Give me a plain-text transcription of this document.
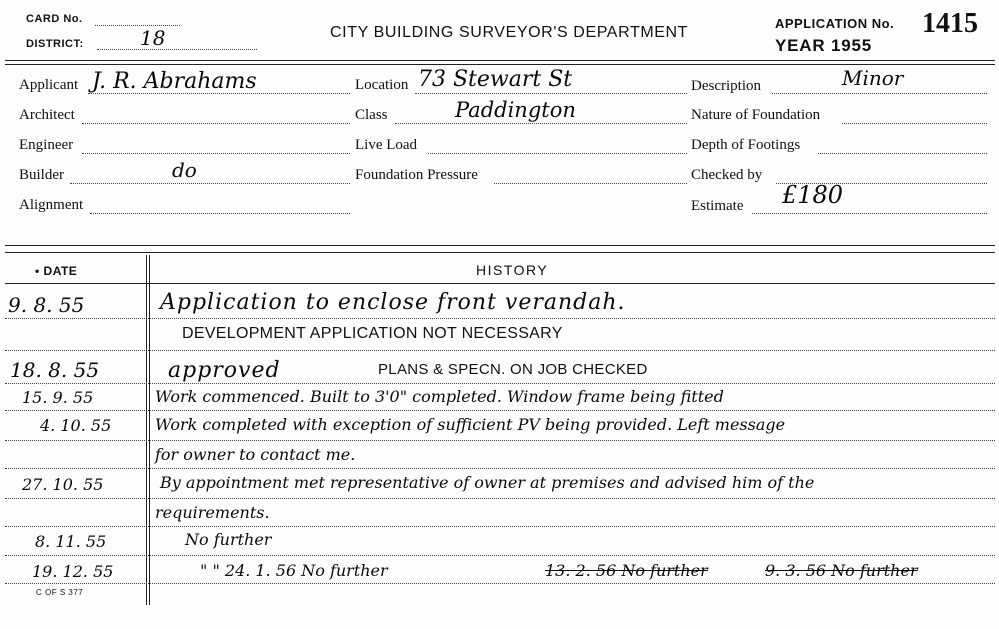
CARD No.
DISTRICT:	18	CITY BUILDING SURVEYOR'S DEPARTMENT
APPLICATION No. 1415
YEAR 1955
Applicant J. R. Abrahams
Architect
Engineer
Builder	do
Alignment
Location 73 Stewart St
Class	Paddington
Live Load
Foundation Pressure
Description	Minor
Nature of Foundation
Depth of Footings
Checked by
Estimate £180
• DATE	HISTORY
9. 8. 55	Application to enclose front verandah.
DEVELOPMENT APPLICATION NOT NECESSARY
18. 8. 55	approved	PLANS & SPECN. ON JOB CHECKED
15. 9. 55	Work commenced. Built to 3'0" completed. Window frame being fitted
4. 10. 55	Work completed with exception of sufficient PV being provided. Left message
for owner to contact me.
27. 10. 55	By appointment met representative of owner at premises and advised him of the
requirements.
8. 11. 55	No further
19. 12. 55	" " 24. 1. 56 No further	13. 2. 56 No further	9. 3. 56 No further
C OF S 377
